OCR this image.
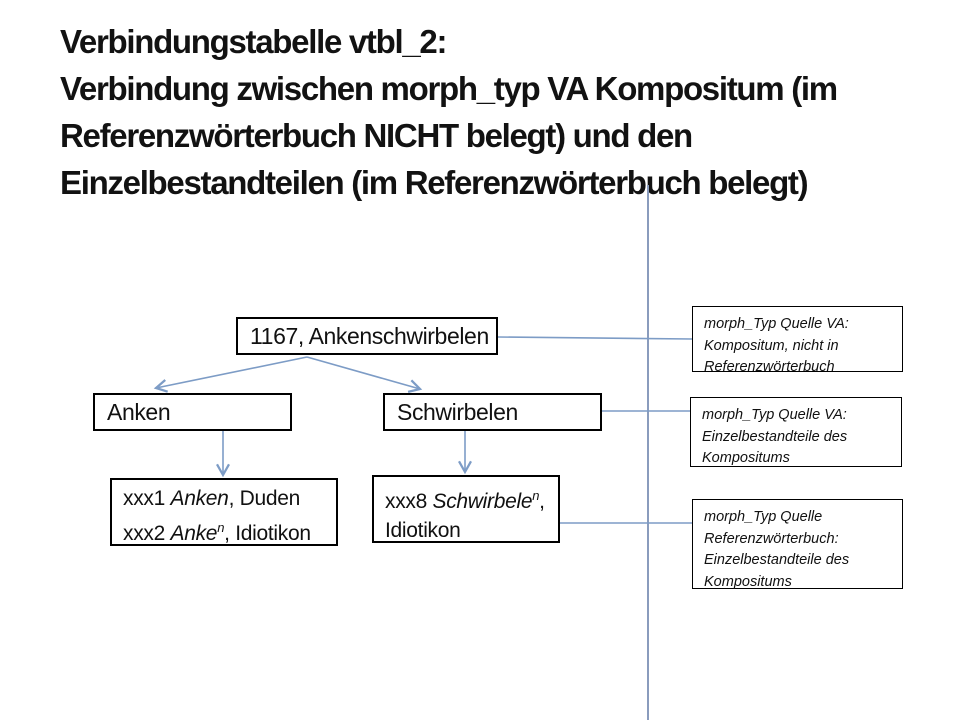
Verbindungstabelle vtbl_2:
Verbindung zwischen morph_typ VA Kompositum (im
Referenzwörterbuch NICHT belegt) und den
Einzelbestandteilen (im Referenzwörterbuch belegt)
1167, Ankenschwirbelen
Anken	Schwirbelen
xxx1 Anken, Duden
xxx2 Anke$^n$, Idiotikon
xxx8 Schwirbele$^n$,
Idiotikon
morph_Typ Quelle VA:
Kompositum, nicht in
Referenzwörterbuch
morph_Typ Quelle VA:
Einzelbestandteile des
Kompositums
morph_Typ Quelle
Referenzwörterbuch:
Einzelbestandteile des
Kompositums
